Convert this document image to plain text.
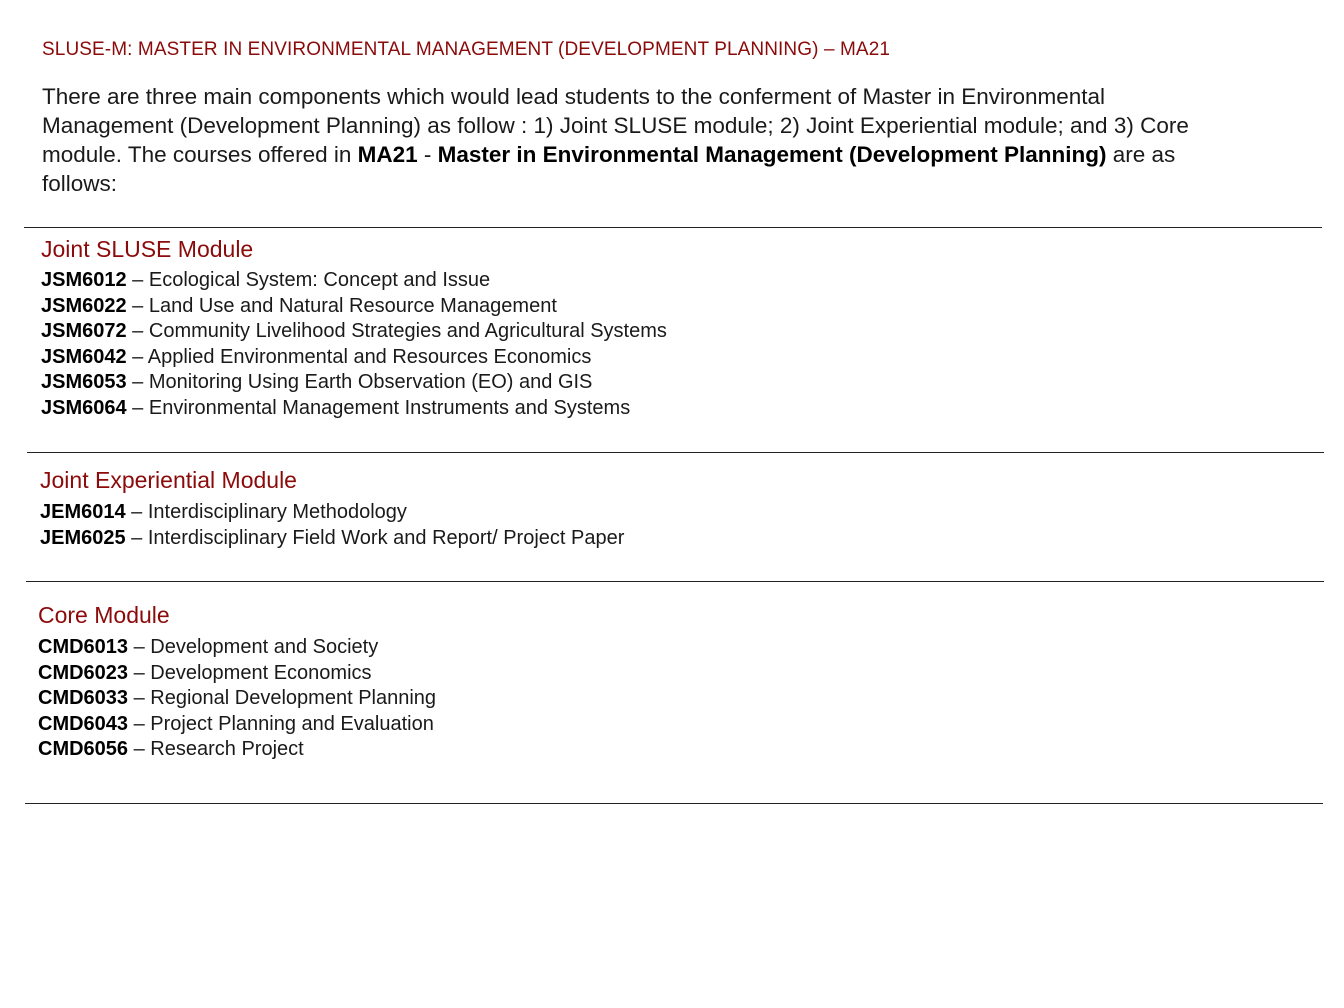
SLUSE-M: MASTER IN ENVIRONMENTAL MANAGEMENT (DEVELOPMENT PLANNING) – MA21

There are three main components which would lead students to the conferment of Master in Environmental Management (Development Planning) as follow : 1) Joint SLUSE module; 2) Joint Experiential module; and 3) Core module. The courses offered in MA21 - Master in Environmental Management (Development Planning) are as follows:

Joint SLUSE Module
JSM6012 – Ecological System: Concept and Issue
JSM6022 – Land Use and Natural Resource Management
JSM6072 – Community Livelihood Strategies and Agricultural Systems
JSM6042 – Applied Environmental and Resources Economics
JSM6053 – Monitoring Using Earth Observation (EO) and GIS
JSM6064 – Environmental Management Instruments and Systems
Joint Experiential Module
JEM6014 – Interdisciplinary Methodology
JEM6025 – Interdisciplinary Field Work and Report/ Project Paper
Core Module
CMD6013 – Development and Society
CMD6023 – Development Economics
CMD6033 – Regional Development Planning
CMD6043 – Project Planning and Evaluation
CMD6056 – Research Project
